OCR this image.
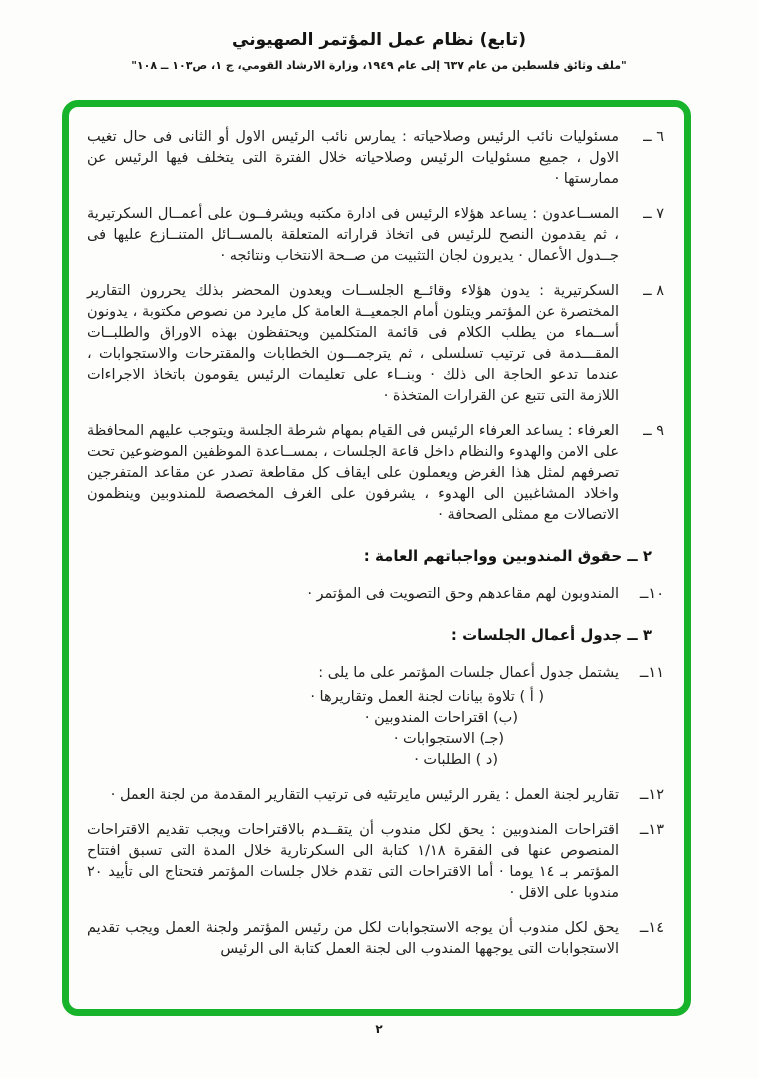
(تابع) نظام عمل المؤتمر الصهيوني
"ملف وثائق فلسطين من عام ٦٣٧ إلى عام ١٩٤٩، وزارة الارشاد القومي، ج ١، ص١٠٣ ــ ١٠٨"
٦ ــ
مسئوليات نائب الرئيس وصلاحياته : يمارس نائب الرئيس الاول أو الثانى فى حال تغيب الاول ، جميع مسئوليات الرئيس وصلاحياته خلال الفترة التى يتخلف فيها الرئيس عن ممارستها ·
٧ ــ
المســاعدون : يساعد هؤلاء الرئيس فى ادارة مكتبه ويشرفــون على أعمــال السكرتيرية ، ثم يقدمون النصح للرئيس فى اتخاذ قراراته المتعلقة بالمســائل المتنــازع عليها فى جــدول الأعمال · يديرون لجان التثبيت من صــحة الانتخاب ونتائجه ·
٨ ــ
السكرتيرية : يدون هؤلاء وقائــع الجلســات ويعدون المحضر بذلك يحررون التقارير المختصرة عن المؤتمر ويتلون أمام الجمعيــة العامة كل مايرد من نصوص مكتوبة ، يدونون أســماء من يطلب الكلام فى قائمة المتكلمين ويحتفظون بهذه الاوراق والطلبــات المقـــدمة فى ترتيب تسلسلى ، ثم يترجمـــون الخطابات والمقترحات والاستجوابات ، عندما تدعو الحاجة الى ذلك · وبنــاء على تعليمات الرئيس يقومون باتخاذ الاجراءات اللازمة التى تتبع عن القرارات المتخذة ·
٩ ــ
العرفاء : يساعد العرفاء الرئيس فى القيام بمهام شرطة الجلسة ويتوجب عليهم المحافظة على الامن والهدوء والنظام داخل قاعة الجلسات ، بمســاعدة الموظفين الموضوعين تحت تصرفهم لمثل هذا الغرض ويعملون على ايقاف كل مقاطعة تصدر عن مقاعد المتفرجين واخلاد المشاغبين الى الهدوء ، يشرفون على الغرف المخصصة للمندوبين وينظمون الاتصالات مع ممثلى الصحافة ·
٢ ــ حقوق المندوبين وواجباتهم العامة :
١٠ــ
المندوبون لهم مقاعدهم وحق التصويت فى المؤتمر ·
٣ ــ جدول أعمال الجلسات :
١١ــ
يشتمل جدول أعمال جلسات المؤتمر على ما يلى :
( أ ) تلاوة بيانات لجنة العمل وتقاريرها ·
(ب) اقتراحات المندوبين ·
(جـ) الاستجوابات ·
(د ) الطلبات ·
١٢ــ
تقارير لجنة العمل : يقرر الرئيس مايرتئيه فى ترتيب التقارير المقدمة من لجنة العمل ·
١٣ــ
اقتراحات المندوبين : يحق لكل مندوب أن يتقــدم بالاقتراحات ويجب تقديم الاقتراحات المنصوص عنها فى الفقرة ١/١٨ كتابة الى السكرتارية خلال المدة التى تسبق افتتاح المؤتمر بـ ١٤ يوما · أما الاقتراحات التى تقدم خلال جلسات المؤتمر فتحتاج الى تأييد ٢٠ مندوبا على الاقل ·
١٤ــ
يحق لكل مندوب أن يوجه الاستجوابات لكل من رئيس المؤتمر ولجنة العمل ويجب تقديم الاستجوابات التى يوجهها المندوب الى لجنة العمل كتابة الى الرئيس
٢
